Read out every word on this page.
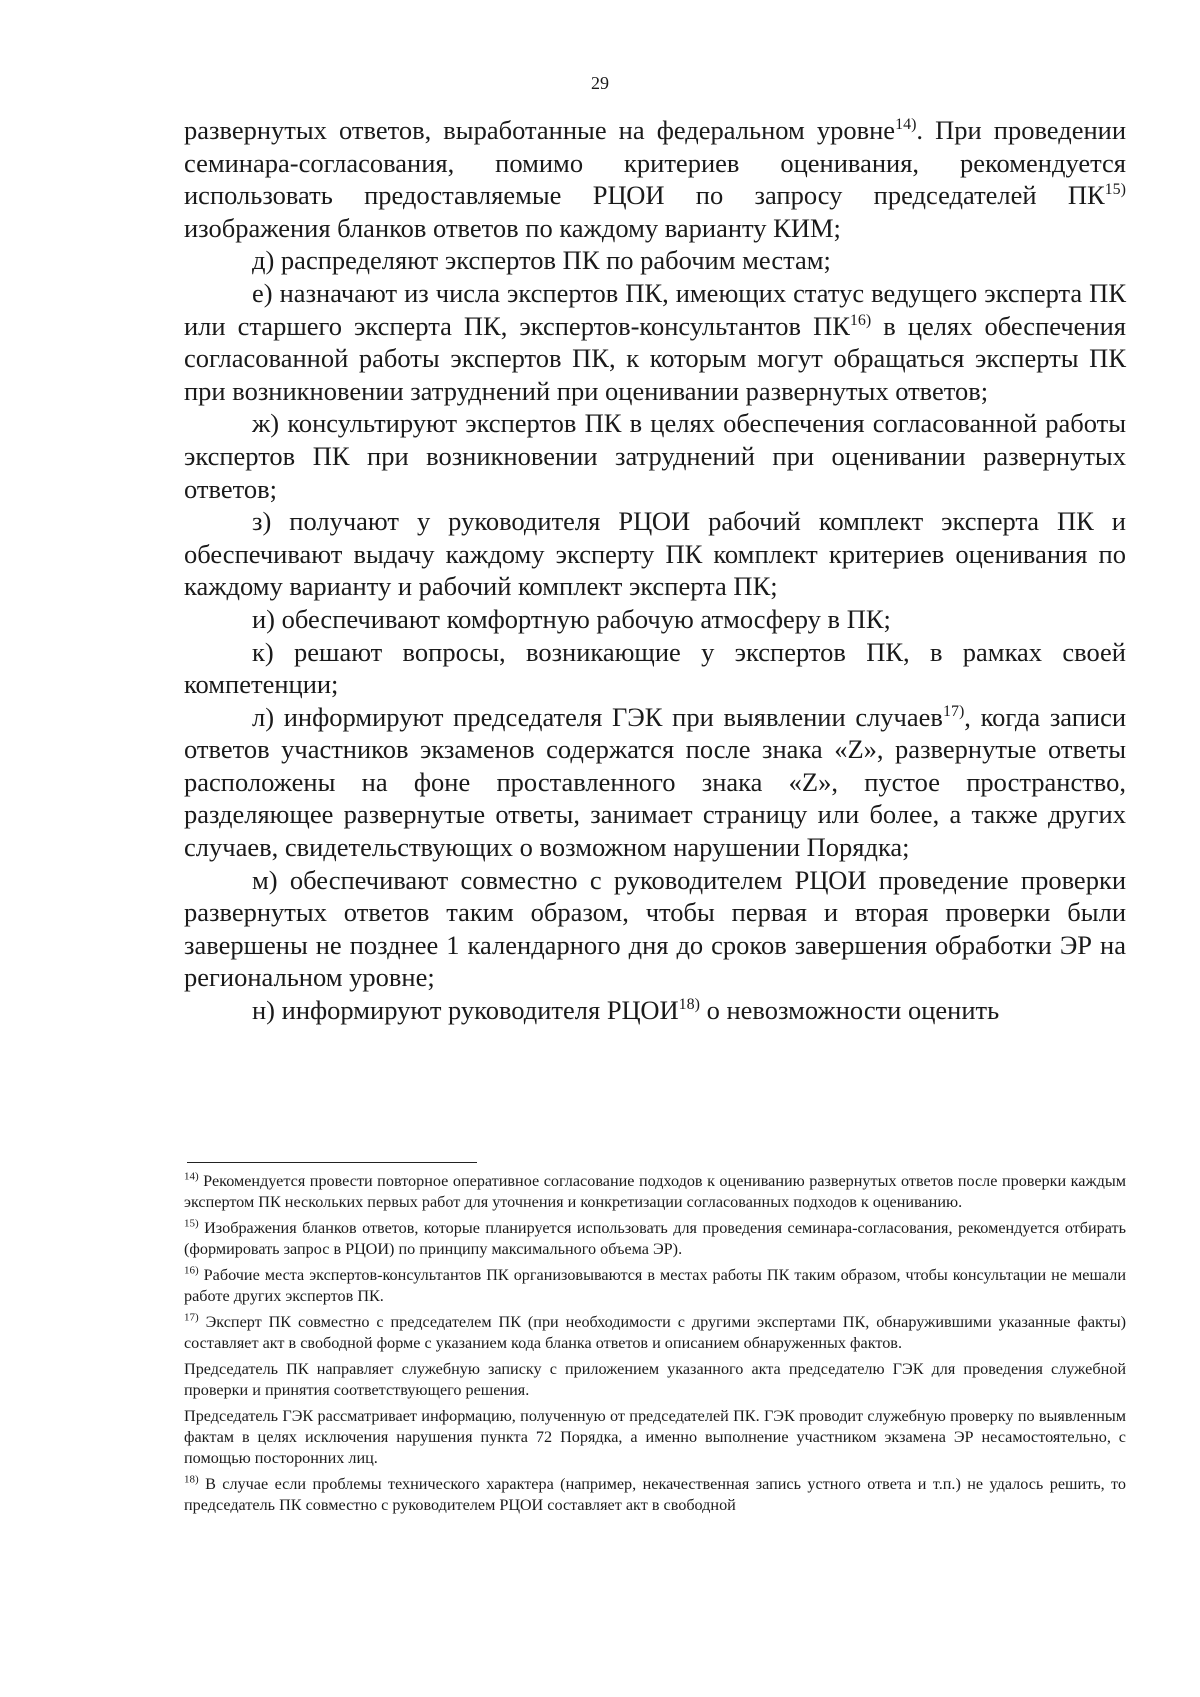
29

развернутых ответов, выработанные на федеральном уровне$^{14)}$. При проведении семинара-согласования, помимо критериев оценивания, рекомендуется использовать предоставляемые РЦОИ по запросу председателей ПК$^{15)}$ изображения бланков ответов по каждому варианту КИМ;

д) распределяют экспертов ПК по рабочим местам;

е) назначают из числа экспертов ПК, имеющих статус ведущего эксперта ПК или старшего эксперта ПК, экспертов-консультантов ПК$^{16)}$ в целях обеспечения согласованной работы экспертов ПК, к которым могут обращаться эксперты ПК при возникновении затруднений при оценивании развернутых ответов;

ж) консультируют экспертов ПК в целях обеспечения согласованной работы экспертов ПК при возникновении затруднений при оценивании развернутых ответов;

з) получают у руководителя РЦОИ рабочий комплект эксперта ПК и обеспечивают выдачу каждому эксперту ПК комплект критериев оценивания по каждому варианту и рабочий комплект эксперта ПК;

и) обеспечивают комфортную рабочую атмосферу в ПК;

к) решают вопросы, возникающие у экспертов ПК, в рамках своей компетенции;

л) информируют председателя ГЭК при выявлении случаев$^{17)}$, когда записи ответов участников экзаменов содержатся после знака «Z», развернутые ответы расположены на фоне проставленного знака «Z», пустое пространство, разделяющее развернутые ответы, занимает страницу или более, а также других случаев, свидетельствующих о возможном нарушении Порядка;

м) обеспечивают совместно с руководителем РЦОИ проведение проверки развернутых ответов таким образом, чтобы первая и вторая проверки были завершены не позднее 1 календарного дня до сроков завершения обработки ЭР на региональном уровне;

н) информируют руководителя РЦОИ$^{18)}$ о невозможности оценить

$^{14)}$ Рекомендуется провести повторное оперативное согласование подходов к оцениванию развернутых ответов после проверки каждым экспертом ПК нескольких первых работ для уточнения и конкретизации согласованных подходов к оцениванию.

$^{15)}$ Изображения бланков ответов, которые планируется использовать для проведения семинара-согласования, рекомендуется отбирать (формировать запрос в РЦОИ) по принципу максимального объема ЭР).

$^{16)}$ Рабочие места экспертов-консультантов ПК организовываются в местах работы ПК таким образом, чтобы консультации не мешали работе других экспертов ПК.

$^{17)}$ Эксперт ПК совместно с председателем ПК (при необходимости с другими экспертами ПК, обнаружившими указанные факты) составляет акт в свободной форме с указанием кода бланка ответов и описанием обнаруженных фактов.

Председатель ПК направляет служебную записку с приложением указанного акта председателю ГЭК для проведения служебной проверки и принятия соответствующего решения.

Председатель ГЭК рассматривает информацию, полученную от председателей ПК. ГЭК проводит служебную проверку по выявленным фактам в целях исключения нарушения пункта 72 Порядка, а именно выполнение участником экзамена ЭР несамостоятельно, с помощью посторонних лиц.

$^{18)}$ В случае если проблемы технического характера (например, некачественная запись устного ответа и т.п.) не удалось решить, то председатель ПК совместно с руководителем РЦОИ составляет акт в свободной
